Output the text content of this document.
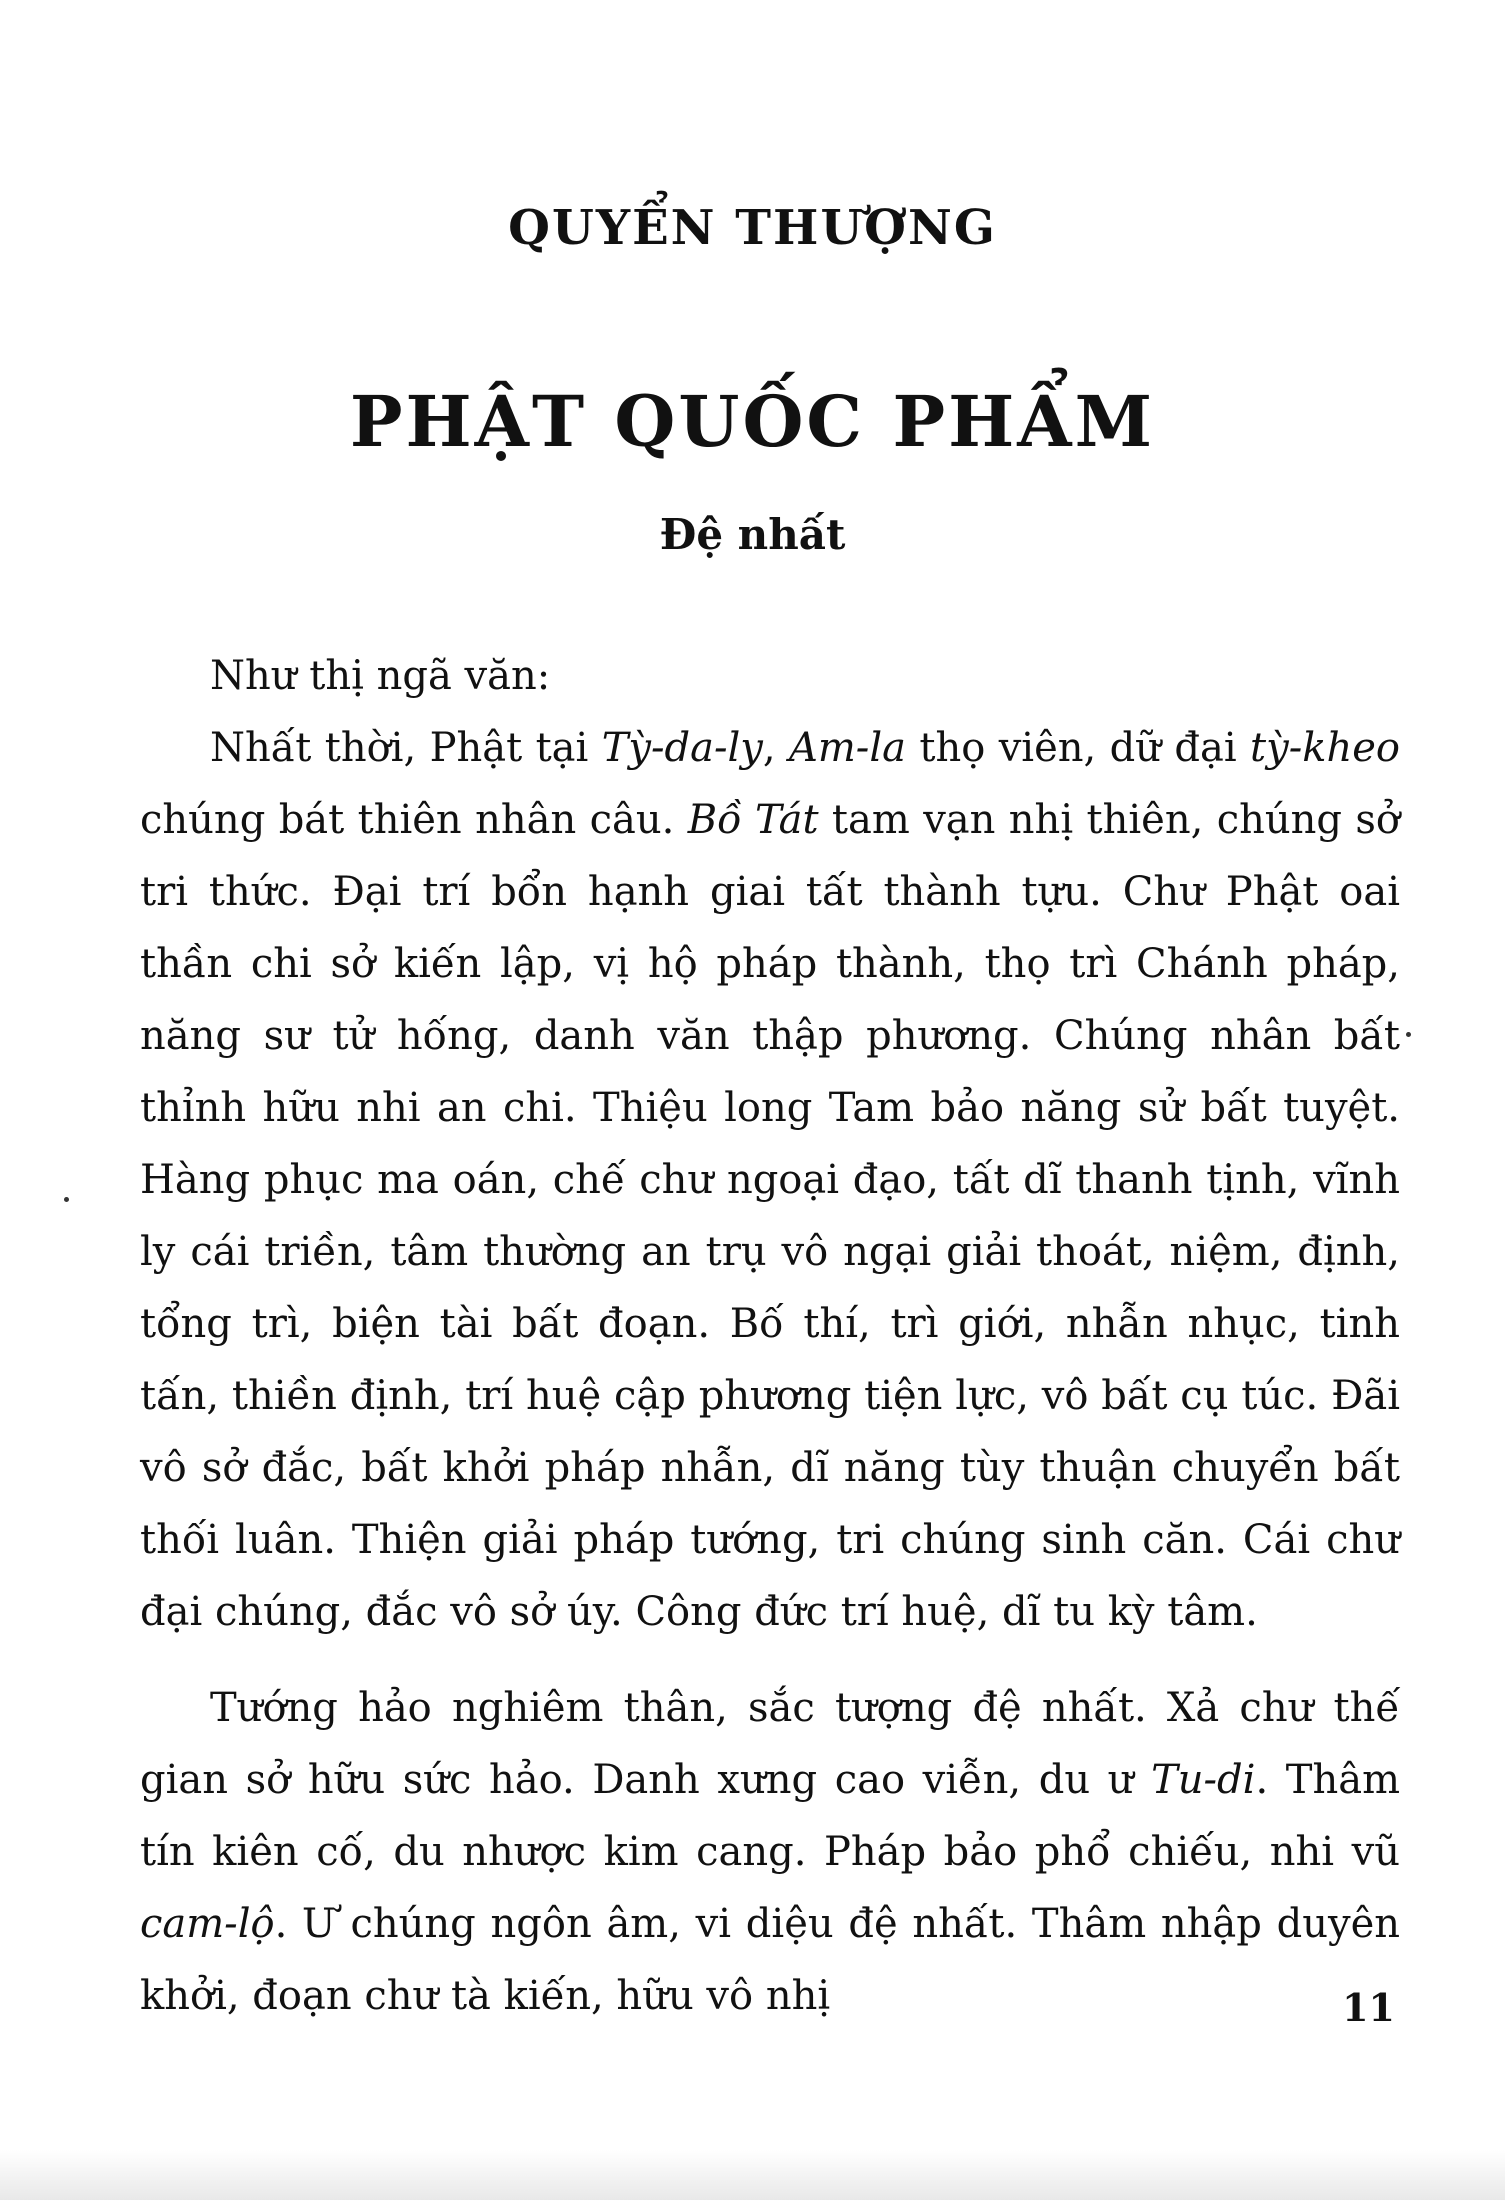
QUYỂN THƯỢNG
PHẬT QUỐC PHẨM
Đệ nhất

Như thị ngã văn:

Nhất thời, Phật tại Tỳ-da-ly, Am-la thọ viên, dữ đại tỳ-kheo chúng bát thiên nhân câu. Bồ Tát tam vạn nhị thiên, chúng sở tri thức. Đại trí bổn hạnh giai tất thành tựu. Chư Phật oai thần chi sở kiến lập, vị hộ pháp thành, thọ trì Chánh pháp, năng sư tử hống, danh văn thập phương. Chúng nhân bất thỉnh hữu nhi an chi. Thiệu long Tam bảo năng sử bất tuyệt. Hàng phục ma oán, chế chư ngoại đạo, tất dĩ thanh tịnh, vĩnh ly cái triền, tâm thường an trụ vô ngại giải thoát, niệm, định, tổng trì, biện tài bất đoạn. Bố thí, trì giới, nhẫn nhục, tinh tấn, thiền định, trí huệ cập phương tiện lực, vô bất cụ túc. Đãi vô sở đắc, bất khởi pháp nhẫn, dĩ năng tùy thuận chuyển bất thối luân. Thiện giải pháp tướng, tri chúng sinh căn. Cái chư đại chúng, đắc vô sở úy. Công đức trí huệ, dĩ tu kỳ tâm.

Tướng hảo nghiêm thân, sắc tượng đệ nhất. Xả chư thế gian sở hữu sức hảo. Danh xưng cao viễn, du ư Tu-di. Thâm tín kiên cố, du nhược kim cang. Pháp bảo phổ chiếu, nhi vũ cam-lộ. Ư chúng ngôn âm, vi diệu đệ nhất. Thâm nhập duyên khởi, đoạn chư tà kiến, hữu vô nhị	11
